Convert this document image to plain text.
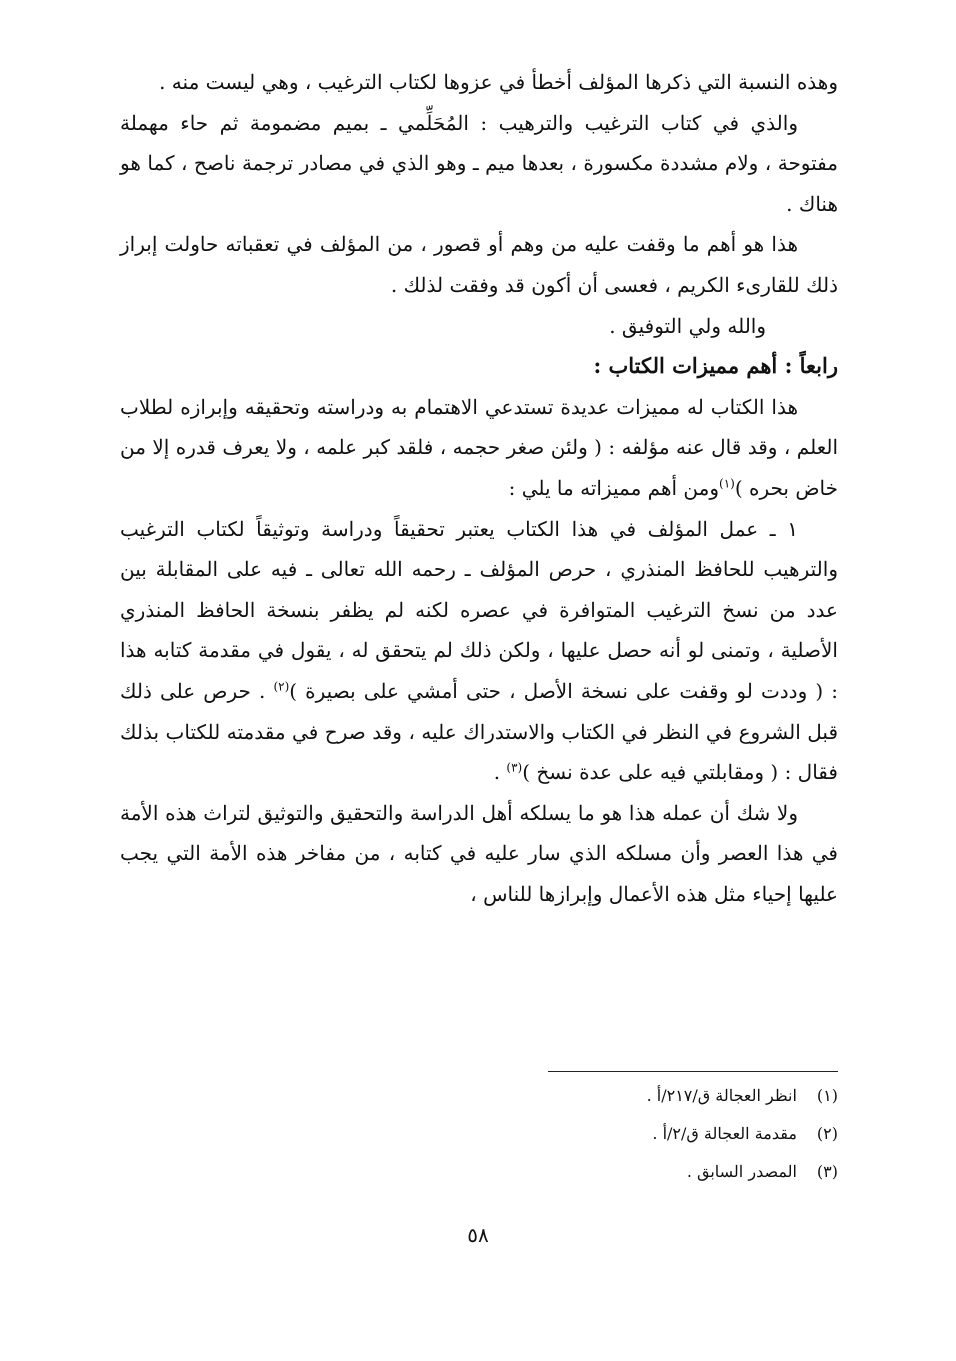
وهذه النسبة التي ذكرها المؤلف أخطأ في عزوها لكتاب الترغيب ، وهي ليست منه .

والذي في كتاب الترغيب والترهيب : المُحَلِّمي ـ بميم مضمومة ثم حاء مهملة مفتوحة ، ولام مشددة مكسورة ، بعدها ميم ـ وهو الذي في مصادر ترجمة ناصح ، كما هو هناك .

هذا هو أهم ما وقفت عليه من وهم أو قصور ، من المؤلف في تعقباته حاولت إبراز ذلك للقارىء الكريم ، فعسى أن أكون قد وفقت لذلك .

والله ولي التوفيق .

رابعاً : أهم مميزات الكتاب :

هذا الكتاب له مميزات عديدة تستدعي الاهتمام به ودراسته وتحقيقه وإبرازه لطلاب العلم ، وقد قال عنه مؤلفه : ( ولئن صغر حجمه ، فلقد كبر علمه ، ولا يعرف قدره إلا من خاض بحره )$^{(١)}$ومن أهم مميزاته ما يلي :

١ ـ عمل المؤلف في هذا الكتاب يعتبر تحقيقاً ودراسة وتوثيقاً لكتاب الترغيب والترهيب للحافظ المنذري ، حرص المؤلف ـ رحمه الله تعالى ـ فيه على المقابلة بين عدد من نسخ الترغيب المتوافرة في عصره لكنه لم يظفر بنسخة الحافظ المنذري الأصلية ، وتمنى لو أنه حصل عليها ، ولكن ذلك لم يتحقق له ، يقول في مقدمة كتابه هذا : ( وددت لو وقفت على نسخة الأصل ، حتى أمشي على بصيرة )$^{(٢)}$ . حرص على ذلك قبل الشروع في النظر في الكتاب والاستدراك عليه ، وقد صرح في مقدمته للكتاب بذلك فقال : ( ومقابلتي فيه على عدة نسخ )$^{(٣)}$ .

ولا شك أن عمله هذا هو ما يسلكه أهل الدراسة والتحقيق والتوثيق لتراث هذه الأمة في هذا العصر وأن مسلكه الذي سار عليه في كتابه ، من مفاخر هذه الأمة التي يجب عليها إحياء مثل هذه الأعمال وإبرازها للناس ،

(١) انظر العجالة ق/٢١٧/أ .
(٢) مقدمة العجالة ق/٢/أ .
(٣) المصدر السابق .
٥٨
